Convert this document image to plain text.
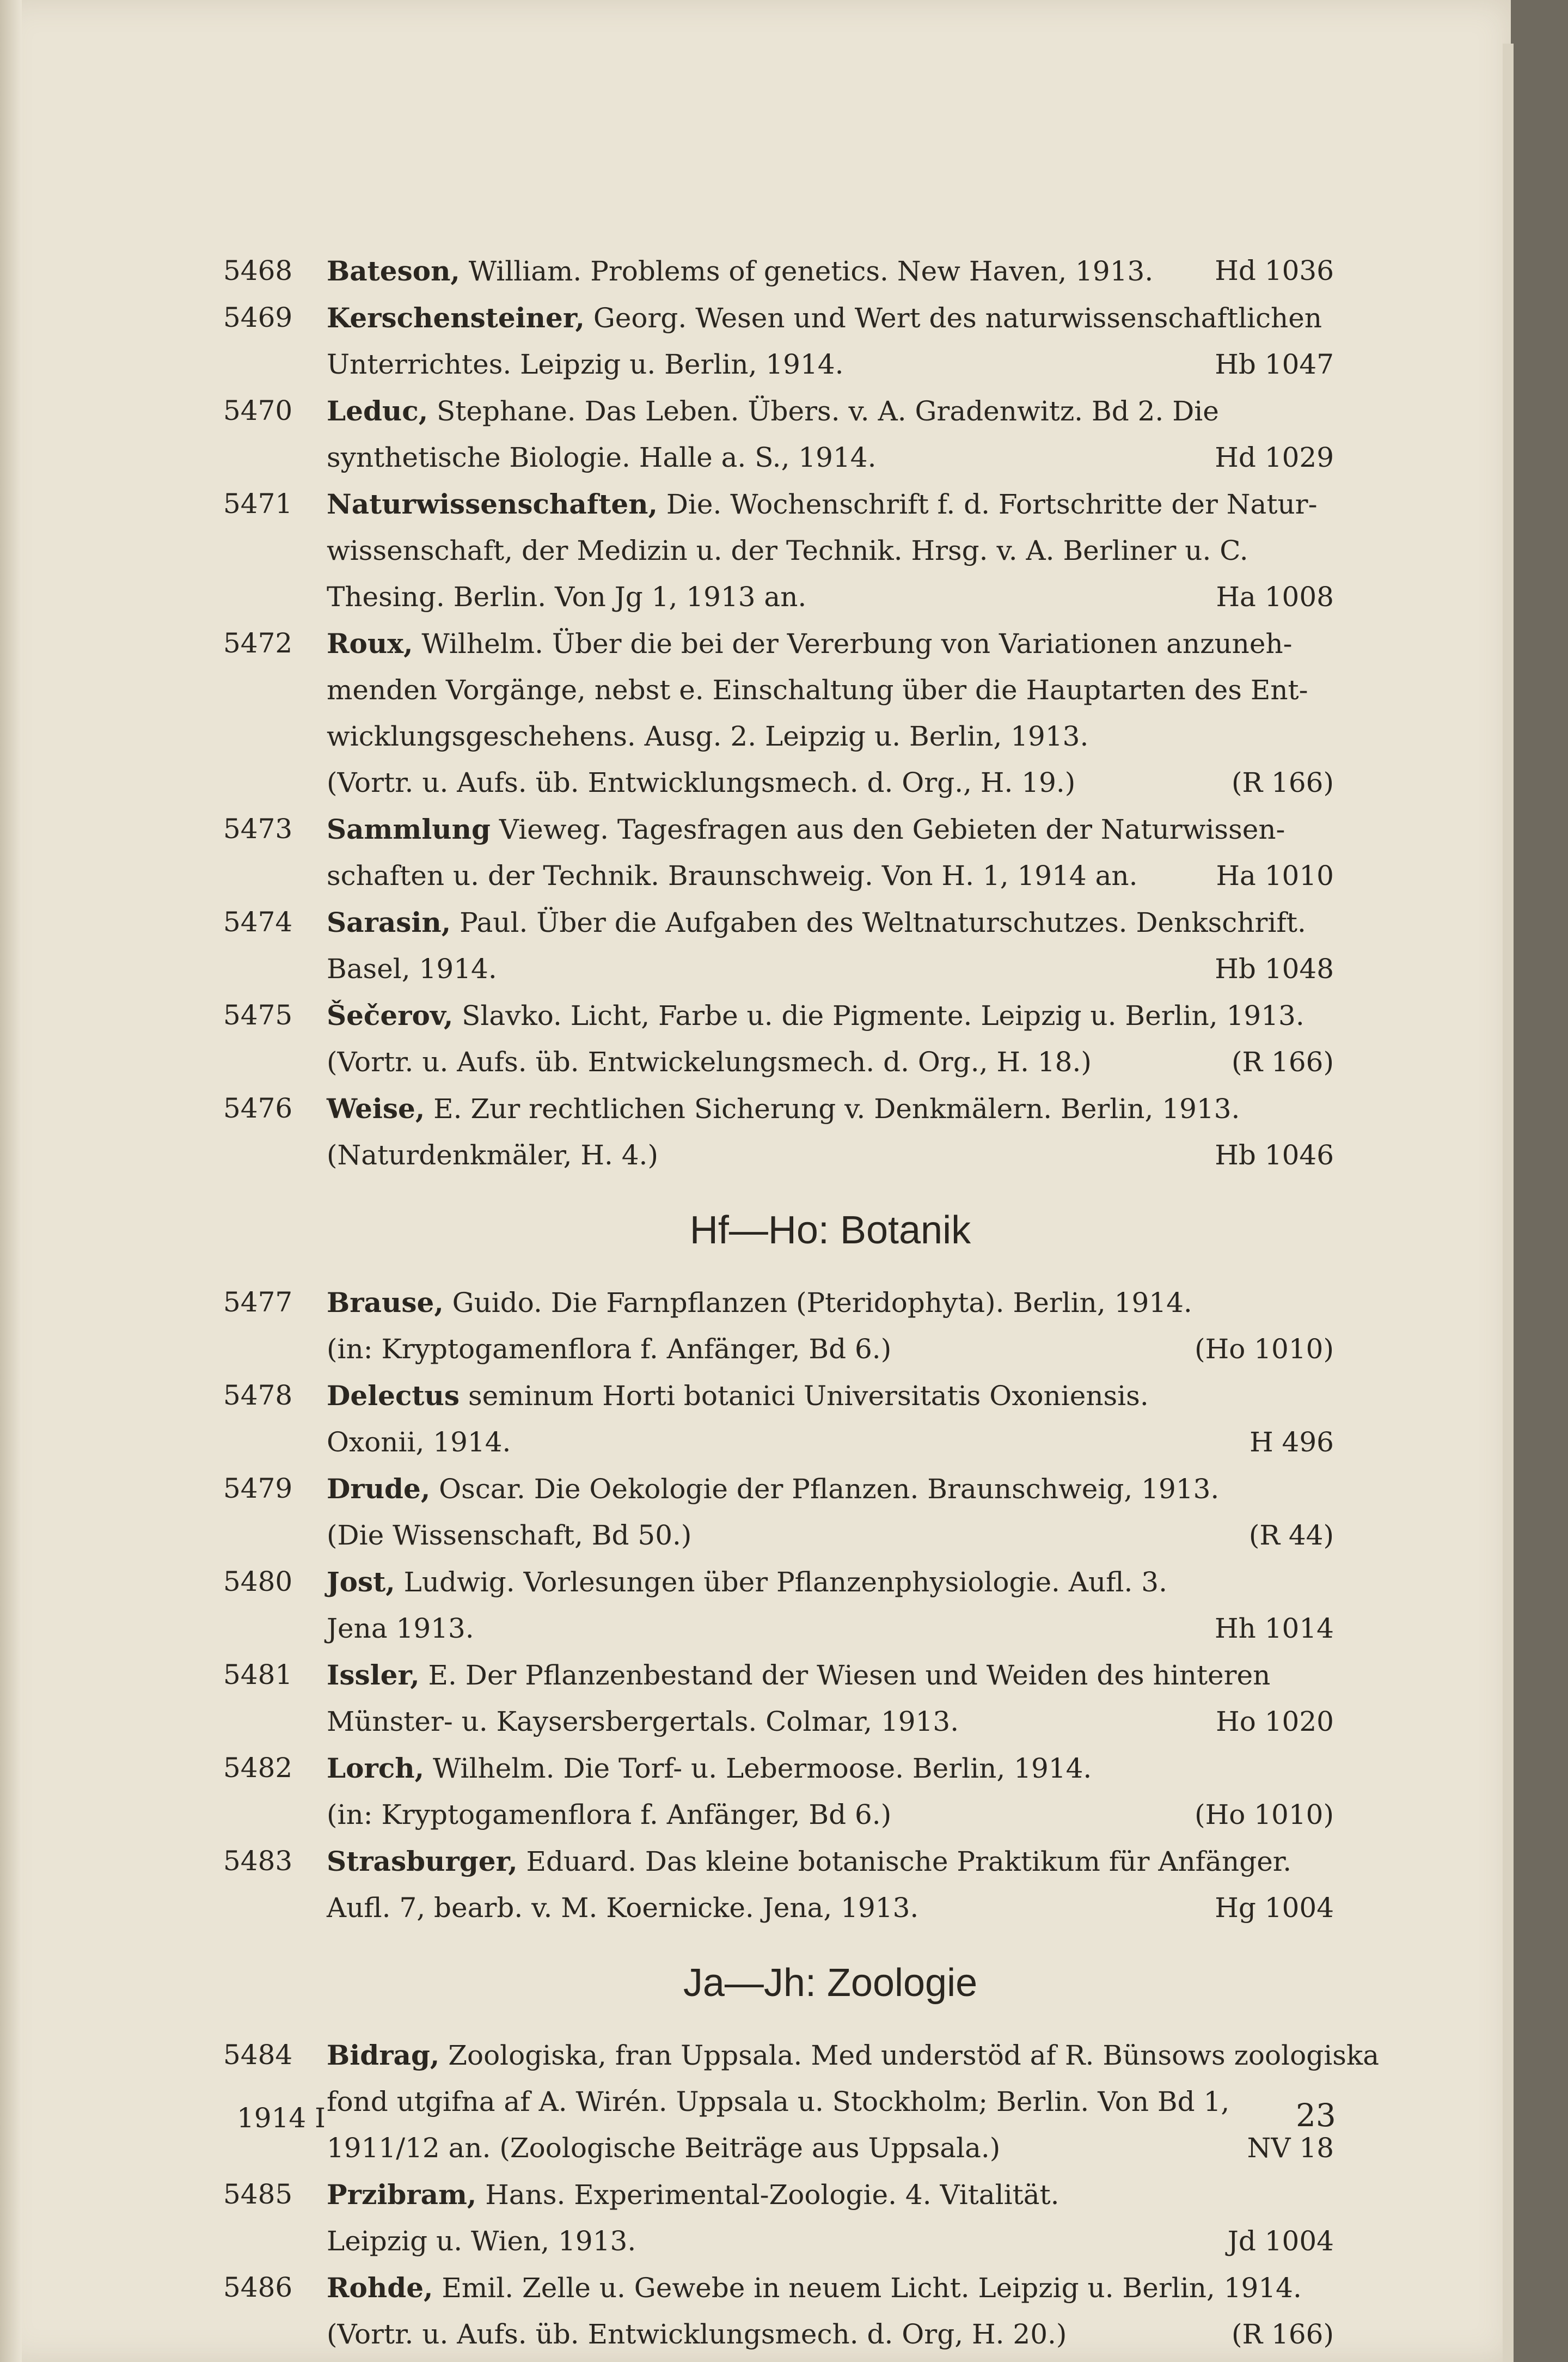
5468 Bateson, William. Problems of genetics. New Haven, 1913. Hd 1036
5469 Kerschensteiner, Georg. Wesen und Wert des naturwissenschaftlichen
Unterrichtes. Leipzig u. Berlin, 1914.	Hb 1047
5470 Leduc, Stephane. Das Leben. Übers. v. A. Gradenwitz. Bd 2. Die
synthetische Biologie. Halle a. S., 1914.	Hd 1029
5471 Naturwissenschaften, Die. Wochenschrift f. d. Fortschritte der Natur-
wissenschaft, der Medizin u. der Technik. Hrsg. v. A. Berliner u. C.
Thesing. Berlin. Von Jg 1, 1913 an.	Ha 1008
5472 Roux, Wilhelm. Über die bei der Vererbung von Variationen anzuneh-
menden Vorgänge, nebst e. Einschaltung über die Hauptarten des Ent-
wicklungsgeschehens. Ausg. 2. Leipzig u. Berlin, 1913.
(Vortr. u. Aufs. üb. Entwicklungsmech. d. Org., H. 19.)	(R 166)
5473 Sammlung Vieweg. Tagesfragen aus den Gebieten der Naturwissen-
schaften u. der Technik. Braunschweig. Von H. 1, 1914 an.	Ha 1010
5474 Sarasin, Paul. Über die Aufgaben des Weltnaturschutzes. Denkschrift.
Basel, 1914.	Hb 1048
5475 Šečerov, Slavko. Licht, Farbe u. die Pigmente. Leipzig u. Berlin, 1913.
(Vortr. u. Aufs. üb. Entwickelungsmech. d. Org., H. 18.)	(R 166)
5476 Weise, E. Zur rechtlichen Sicherung v. Denkmälern. Berlin, 1913.
(Naturdenkmäler, H. 4.)	Hb 1046
Hf—Ho: Botanik
5477 Brause, Guido. Die Farnpflanzen (Pteridophyta). Berlin, 1914.
(in: Kryptogamenflora f. Anfänger, Bd 6.)	(Ho 1010)
5478 Delectus seminum Horti botanici Universitatis Oxoniensis.
Oxonii, 1914.	H 496
5479 Drude, Oscar. Die Oekologie der Pflanzen. Braunschweig, 1913.
(Die Wissenschaft, Bd 50.)	(R 44)
5480 Jost, Ludwig. Vorlesungen über Pflanzenphysiologie. Aufl. 3.
Jena 1913.	Hh 1014
5481 Issler, E. Der Pflanzenbestand der Wiesen und Weiden des hinteren
Münster- u. Kaysersbergertals. Colmar, 1913.	Ho 1020
5482 Lorch, Wilhelm. Die Torf- u. Lebermoose. Berlin, 1914.
(in: Kryptogamenflora f. Anfänger, Bd 6.)	(Ho 1010)
5483 Strasburger, Eduard. Das kleine botanische Praktikum für Anfänger.
Aufl. 7, bearb. v. M. Koernicke. Jena, 1913.	Hg 1004
Ja—Jh: Zoologie
5484 Bidrag, Zoologiska, fran Uppsala. Med understöd af R. Bünsows zoologiska
fond utgifna af A. Wirén. Uppsala u. Stockholm; Berlin. Von Bd 1,
1911/12 an. (Zoologische Beiträge aus Uppsala.)	NV 18
5485 Przibram, Hans. Experimental-Zoologie. 4. Vitalität.
Leipzig u. Wien, 1913.	Jd 1004
5486 Rohde, Emil. Zelle u. Gewebe in neuem Licht. Leipzig u. Berlin, 1914.
(Vortr. u. Aufs. üb. Entwicklungsmech. d. Org, H. 20.)	(R 166)
1914 I	23
